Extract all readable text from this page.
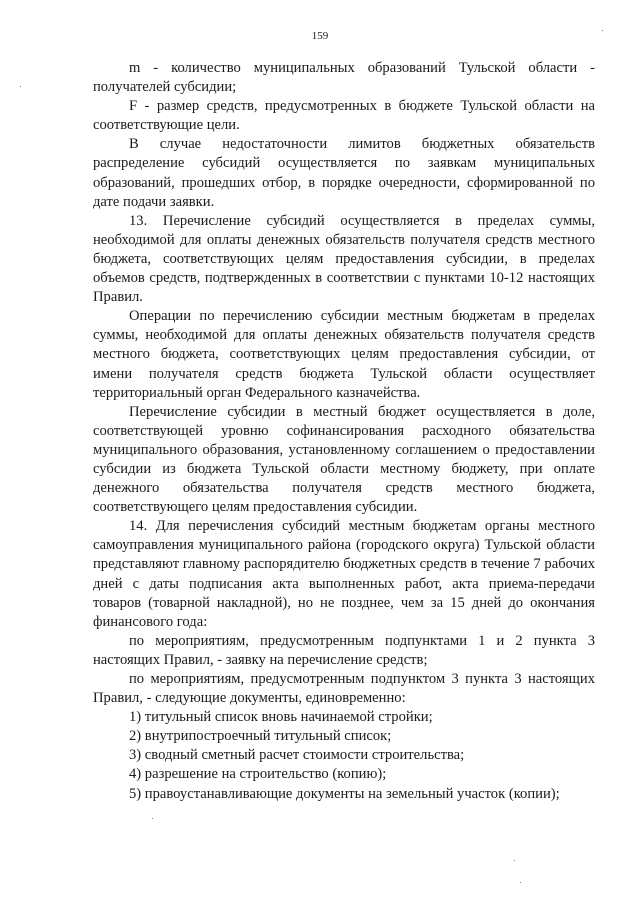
159

m - количество муниципальных образований Тульской области - получателей субсидии;

F - размер средств, предусмотренных в бюджете Тульской области на соответствующие цели.

В случае недостаточности лимитов бюджетных обязательств распределение субсидий осуществляется по заявкам муниципальных образований, прошедших отбор, в порядке очередности, сформированной по дате подачи заявки.

13. Перечисление субсидий осуществляется в пределах суммы, необходимой для оплаты денежных обязательств получателя средств местного бюджета, соответствующих целям предоставления субсидии, в пределах объемов средств, подтвержденных в соответствии с пунктами 10-12 настоящих Правил.

Операции по перечислению субсидии местным бюджетам в пределах суммы, необходимой для оплаты денежных обязательств получателя средств местного бюджета, соответствующих целям предоставления субсидии, от имени получателя средств бюджета Тульской области осуществляет территориальный орган Федерального казначейства.

Перечисление субсидии в местный бюджет осуществляется в доле, соответствующей уровню софинансирования расходного обязательства муниципального образования, установленному соглашением о предоставлении субсидии из бюджета Тульской области местному бюджету, при оплате денежного обязательства получателя средств местного бюджета, соответствующего целям предоставления субсидии.

14. Для перечисления субсидий местным бюджетам органы местного самоуправления муниципального района (городского округа) Тульской области представляют главному распорядителю бюджетных средств в течение 7 рабочих дней с даты подписания акта выполненных работ, акта приема-передачи товаров (товарной накладной), но не позднее, чем за 15 дней до окончания финансового года:

по мероприятиям, предусмотренным подпунктами 1 и 2 пункта 3 настоящих Правил, - заявку на перечисление средств;

по мероприятиям, предусмотренным подпунктом 3 пункта 3 настоящих Правил, - следующие документы, единовременно:

1) титульный список вновь начинаемой стройки;
2) внутрипостроечный титульный список;
3) сводный сметный расчет стоимости строительства;
4) разрешение на строительство (копию);
5) правоустанавливающие документы на земельный участок (копии);
